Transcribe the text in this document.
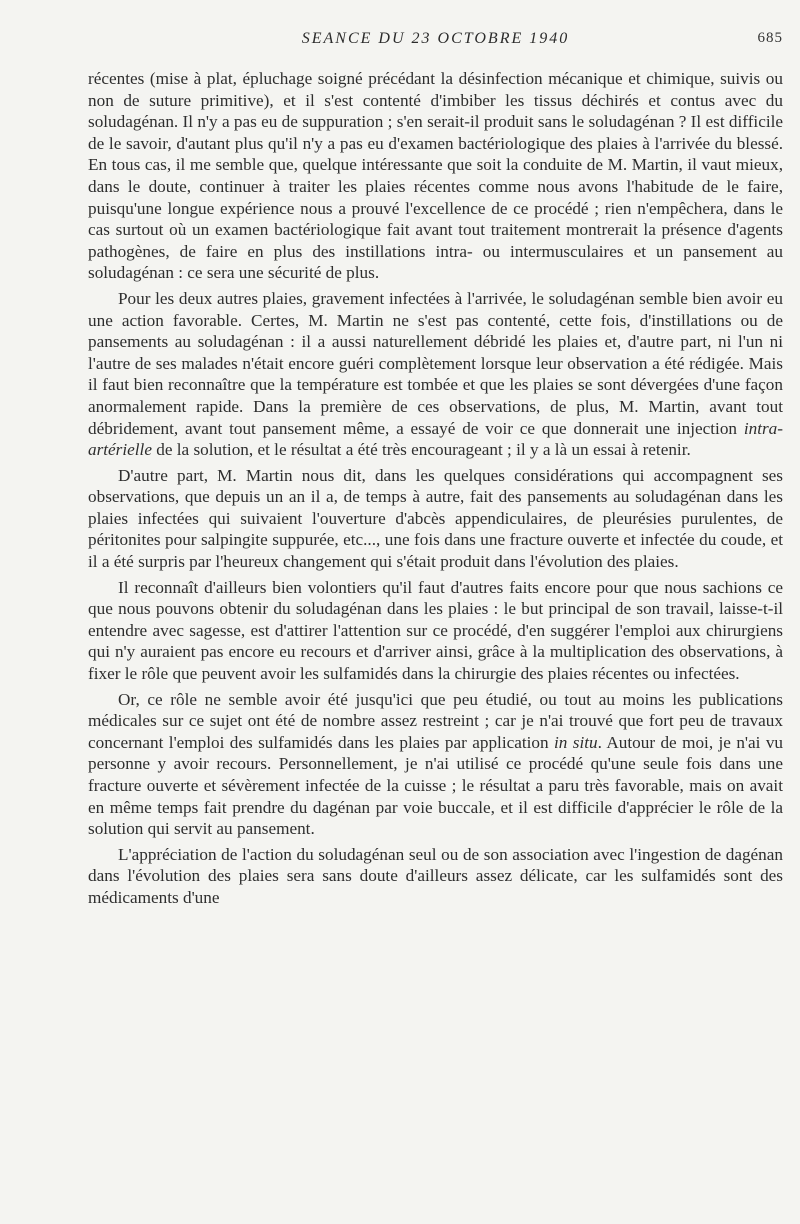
SEANCE DU 23 OCTOBRE 1940	685

récentes (mise à plat, épluchage soigné précédant la désinfection mécanique et chimique, suivis ou non de suture primitive), et il s'est contenté d'imbiber les tissus déchirés et contus avec du soludagénan. Il n'y a pas eu de suppuration ; s'en serait-il produit sans le soludagénan ? Il est difficile de le savoir, d'autant plus qu'il n'y a pas eu d'examen bactériologique des plaies à l'arrivée du blessé. En tous cas, il me semble que, quelque intéressante que soit la conduite de M. Martin, il vaut mieux, dans le doute, continuer à traiter les plaies récentes comme nous avons l'habitude de le faire, puisqu'une longue expérience nous a prouvé l'excellence de ce procédé ; rien n'empêchera, dans le cas surtout où un examen bactériologique fait avant tout traitement montrerait la présence d'agents pathogènes, de faire en plus des instillations intra- ou intermusculaires et un pansement au soludagénan : ce sera une sécurité de plus.

Pour les deux autres plaies, gravement infectées à l'arrivée, le soludagénan semble bien avoir eu une action favorable. Certes, M. Martin ne s'est pas contenté, cette fois, d'instillations ou de pansements au soludagénan : il a aussi naturellement débridé les plaies et, d'autre part, ni l'un ni l'autre de ses malades n'était encore guéri complètement lorsque leur observation a été rédigée. Mais il faut bien reconnaître que la température est tombée et que les plaies se sont dévergées d'une façon anormalement rapide. Dans la première de ces observations, de plus, M. Martin, avant tout débridement, avant tout pansement même, a essayé de voir ce que donnerait une injection intra-artérielle de la solution, et le résultat a été très encourageant ; il y a là un essai à retenir.

D'autre part, M. Martin nous dit, dans les quelques considérations qui accompagnent ses observations, que depuis un an il a, de temps à autre, fait des pansements au soludagénan dans les plaies infectées qui suivaient l'ouverture d'abcès appendiculaires, de pleurésies purulentes, de péritonites pour salpingite suppurée, etc..., une fois dans une fracture ouverte et infectée du coude, et il a été surpris par l'heureux changement qui s'était produit dans l'évolution des plaies.

Il reconnaît d'ailleurs bien volontiers qu'il faut d'autres faits encore pour que nous sachions ce que nous pouvons obtenir du soludagénan dans les plaies : le but principal de son travail, laisse-t-il entendre avec sagesse, est d'attirer l'attention sur ce procédé, d'en suggérer l'emploi aux chirurgiens qui n'y auraient pas encore eu recours et d'arriver ainsi, grâce à la multiplication des observations, à fixer le rôle que peuvent avoir les sulfamidés dans la chirurgie des plaies récentes ou infectées.

Or, ce rôle ne semble avoir été jusqu'ici que peu étudié, ou tout au moins les publications médicales sur ce sujet ont été de nombre assez restreint ; car je n'ai trouvé que fort peu de travaux concernant l'emploi des sulfamidés dans les plaies par application in situ. Autour de moi, je n'ai vu personne y avoir recours. Personnellement, je n'ai utilisé ce procédé qu'une seule fois dans une fracture ouverte et sévèrement infectée de la cuisse ; le résultat a paru très favorable, mais on avait en même temps fait prendre du dagénan par voie buccale, et il est difficile d'apprécier le rôle de la solution qui servit au pansement.

L'appréciation de l'action du soludagénan seul ou de son association avec l'ingestion de dagénan dans l'évolution des plaies sera sans doute d'ailleurs assez délicate, car les sulfamidés sont des médicaments d'une
